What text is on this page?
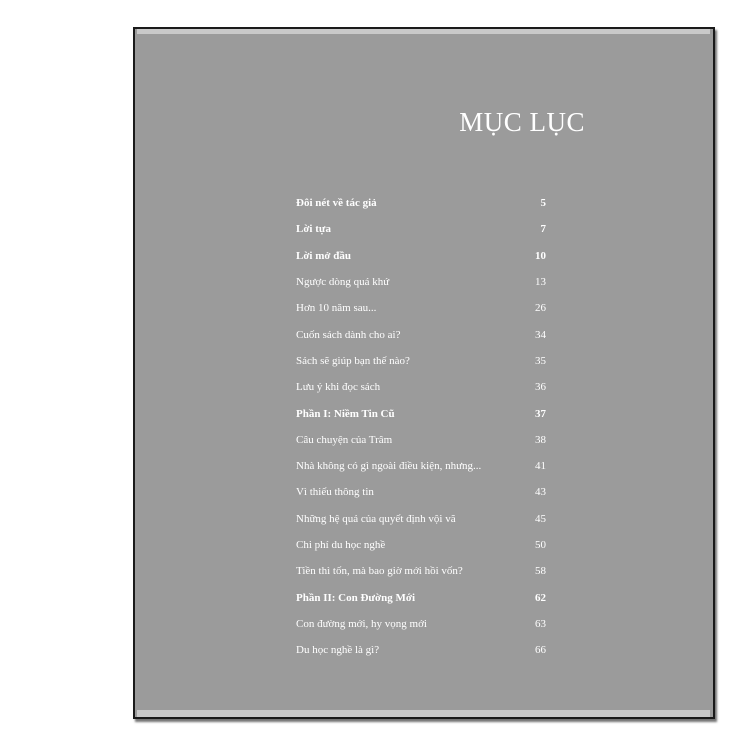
MỤC LỤC
Đôi nét về tác giả	5
Lời tựa	7
Lời mở đầu	10
Ngược dòng quá khứ	13
Hơn 10 năm sau...	26
Cuốn sách dành cho ai?	34
Sách sẽ giúp bạn thế nào?	35
Lưu ý khi đọc sách	36
Phần I: Niềm Tin Cũ	37
Câu chuyện của Trâm	38
Nhà không có gì ngoài điều kiện, nhưng...	41
Vì thiếu thông tin	43
Những hệ quả của quyết định vội vã	45
Chi phí du học nghề	50
Tiền thì tốn, mà bao giờ mới hồi vốn?	58
Phần II: Con Đường Mới	62
Con đường mới, hy vọng mới	63
Du học nghề là gì?	66
